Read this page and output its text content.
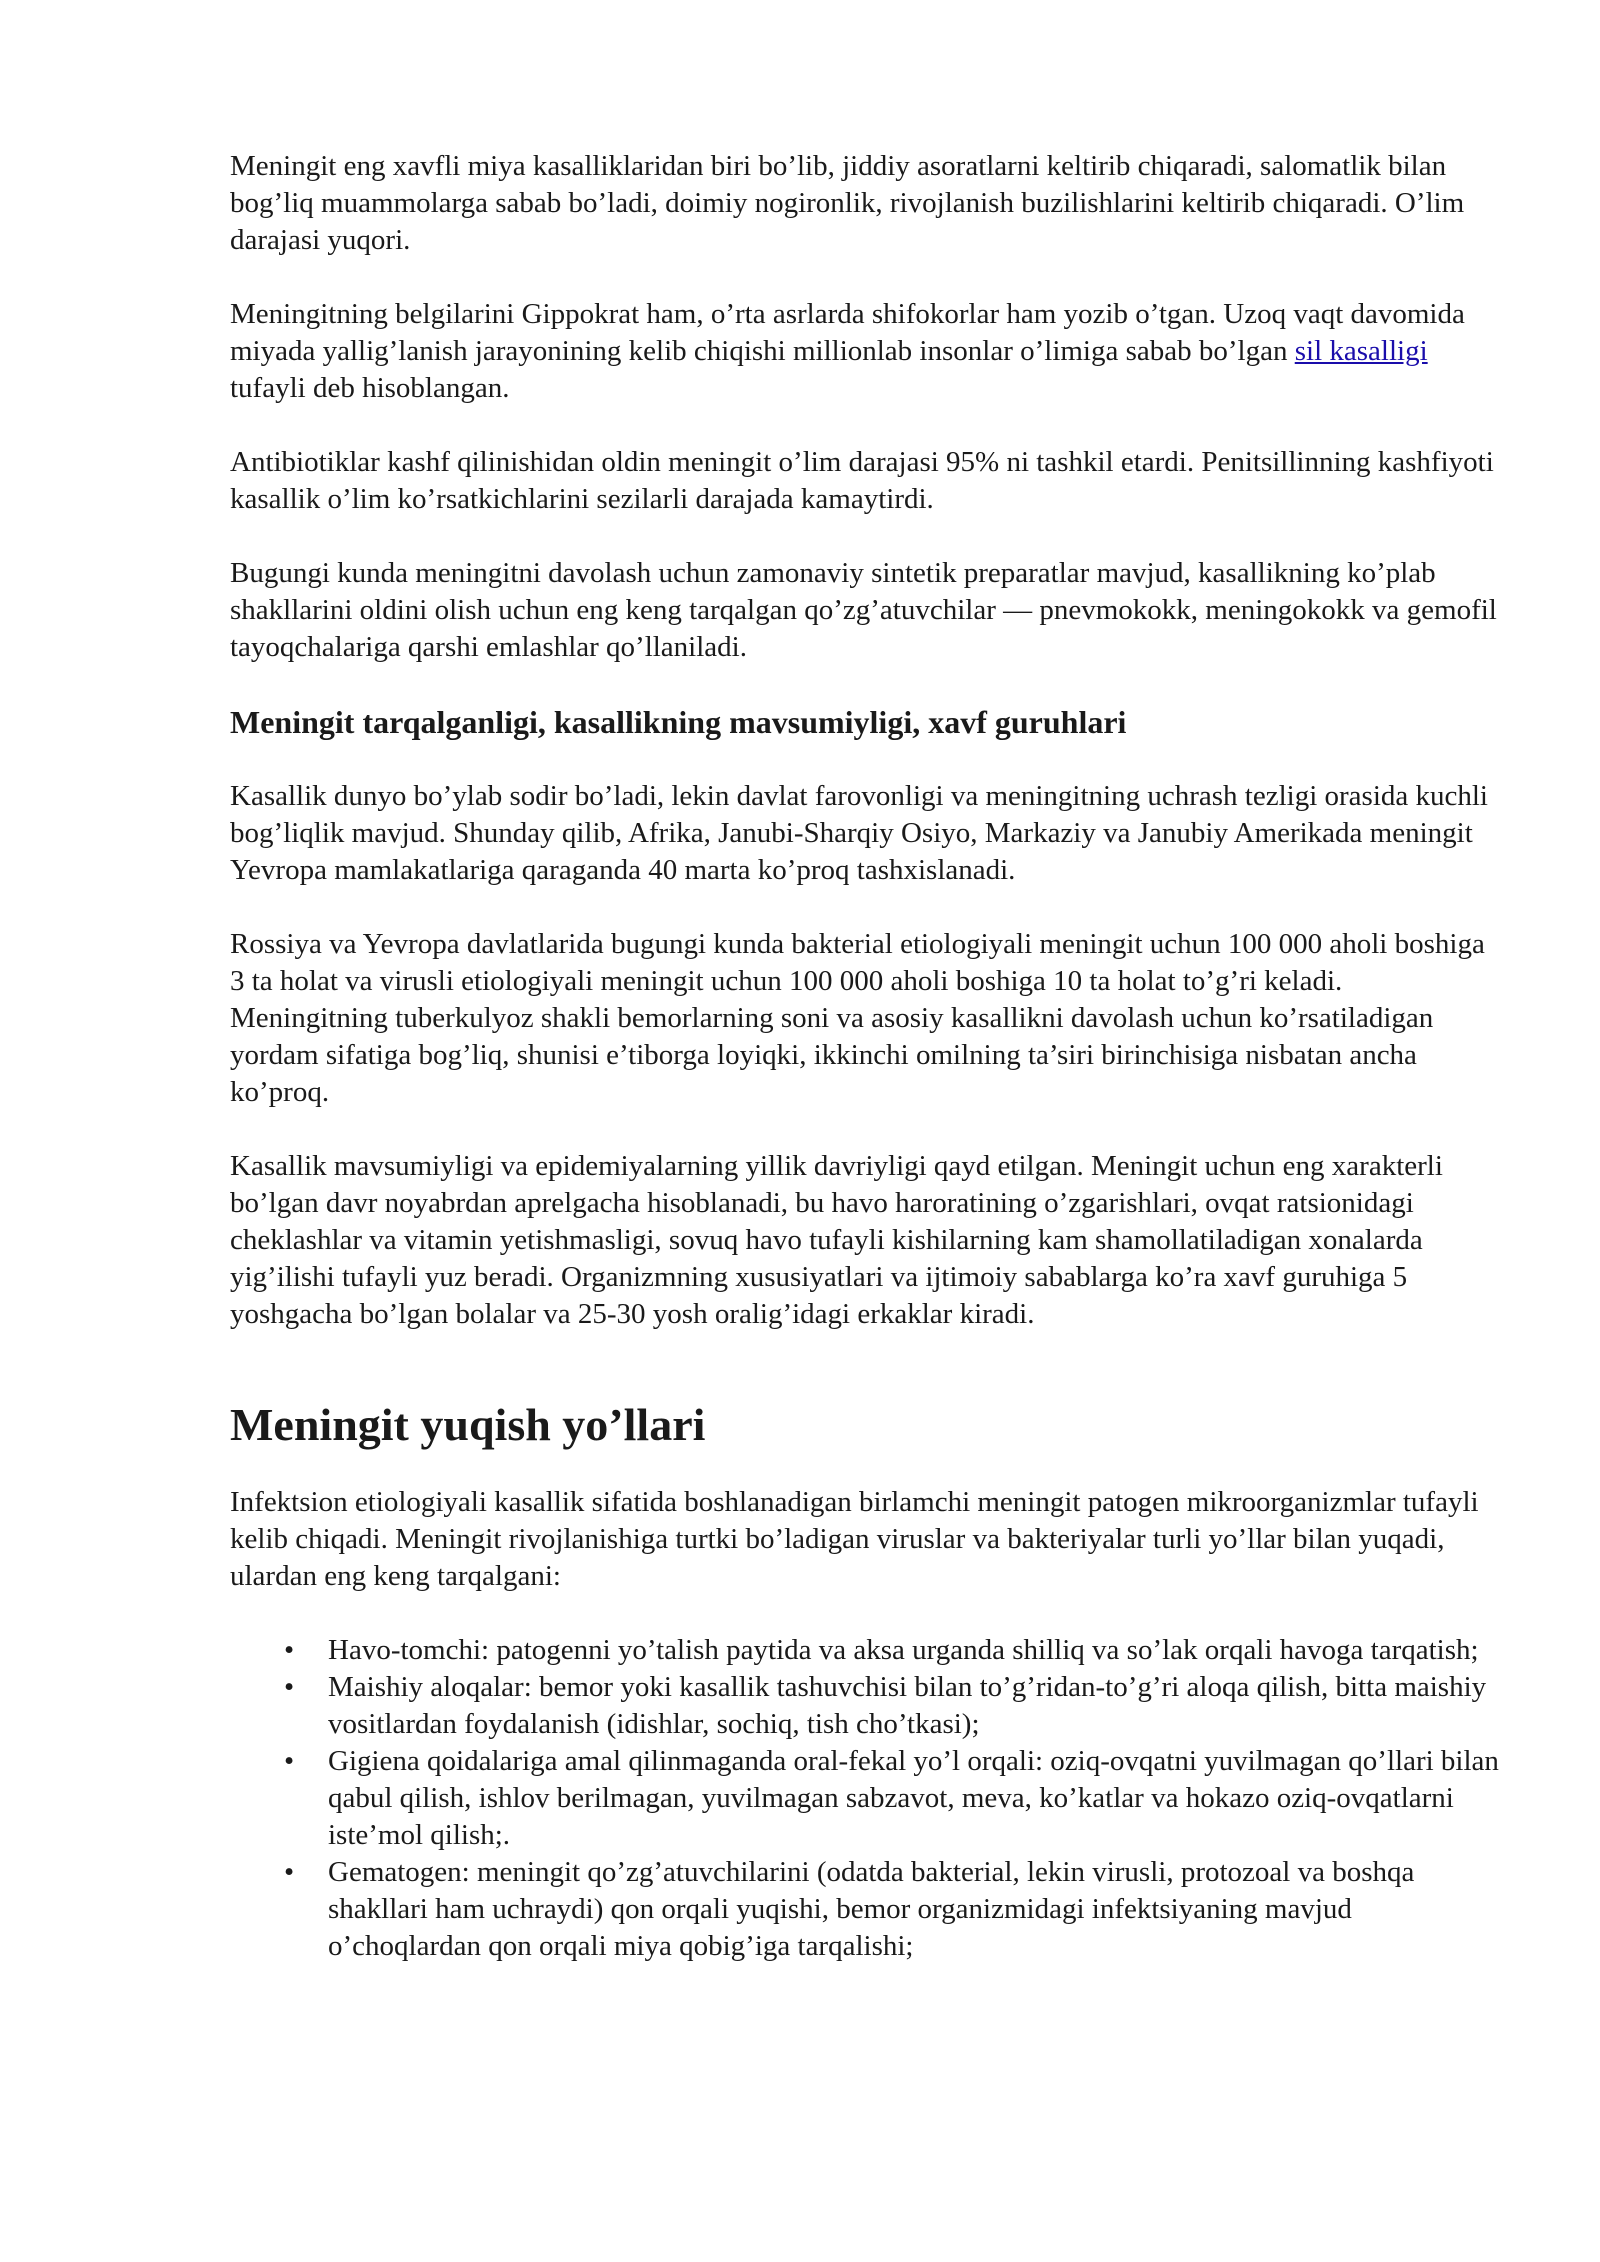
Meningit eng xavfli miya kasalliklaridan biri bo’lib, jiddiy asoratlarni keltirib chiqaradi, salomatlik bilan bog’liq muammolarga sabab bo’ladi, doimiy nogironlik, rivojlanish buzilishlarini keltirib chiqaradi. O’lim darajasi yuqori.

Meningitning belgilarini Gippokrat ham, o’rta asrlarda shifokorlar ham yozib o’tgan. Uzoq vaqt davomida miyada yallig’lanish jarayonining kelib chiqishi millionlab insonlar o’limiga sabab bo’lgan sil kasalligi tufayli deb hisoblangan.

Antibiotiklar kashf qilinishidan oldin meningit o’lim darajasi 95% ni tashkil etardi. Penitsillinning kashfiyoti kasallik o’lim ko’rsatkichlarini sezilarli darajada kamaytirdi.

Bugungi kunda meningitni davolash uchun zamonaviy sintetik preparatlar mavjud, kasallikning ko’plab shakllarini oldini olish uchun eng keng tarqalgan qo’zg’atuvchilar — pnevmokokk, meningokokk va gemofil tayoqchalariga qarshi emlashlar qo’llaniladi.

Meningit tarqalganligi, kasallikning mavsumiyligi, xavf guruhlari

Kasallik dunyo bo’ylab sodir bo’ladi, lekin davlat farovonligi va meningitning uchrash tezligi orasida kuchli bog’liqlik mavjud. Shunday qilib, Afrika, Janubi-Sharqiy Osiyo, Markaziy va Janubiy Amerikada meningit Yevropa mamlakatlariga qaraganda 40 marta ko’proq tashxislanadi.

Rossiya va Yevropa davlatlarida bugungi kunda bakterial etiologiyali meningit uchun 100 000 aholi boshiga 3 ta holat va virusli etiologiyali meningit uchun 100 000 aholi boshiga 10 ta holat to’g’ri keladi. Meningitning tuberkulyoz shakli bemorlarning soni va asosiy kasallikni davolash uchun ko’rsatiladigan yordam sifatiga bog’liq, shunisi e’tiborga loyiqki, ikkinchi omilning ta’siri birinchisiga nisbatan ancha ko’proq.

Kasallik mavsumiyligi va epidemiyalarning yillik davriyligi qayd etilgan. Meningit uchun eng xarakterli bo’lgan davr noyabrdan aprelgacha hisoblanadi, bu havo haroratining o’zgarishlari, ovqat ratsionidagi cheklashlar va vitamin yetishmasligi, sovuq havo tufayli kishilarning kam shamollatiladigan xonalarda yig’ilishi tufayli yuz beradi. Organizmning xususiyatlari va ijtimoiy sabablarga ko’ra xavf guruhiga 5 yoshgacha bo’lgan bolalar va 25-30 yosh oralig’idagi erkaklar kiradi.

Meningit yuqish yo’llari

Infektsion etiologiyali kasallik sifatida boshlanadigan birlamchi meningit patogen mikroorganizmlar tufayli kelib chiqadi. Meningit rivojlanishiga turtki bo’ladigan viruslar va bakteriyalar turli yo’llar bilan yuqadi, ulardan eng keng tarqalgani:

• Havo-tomchi: patogenni yo’talish paytida va aksa urganda shilliq va so’lak orqali havoga tarqatish;
• Maishiy aloqalar: bemor yoki kasallik tashuvchisi bilan to’g’ridan-to’g’ri aloqa qilish, bitta maishiy vositlardan foydalanish (idishlar, sochiq, tish cho’tkasi);
• Gigiena qoidalariga amal qilinmaganda oral-fekal yo’l orqali: oziq-ovqatni yuvilmagan qo’llari bilan qabul qilish, ishlov berilmagan, yuvilmagan sabzavot, meva, ko’katlar va hokazo oziq-ovqatlarni iste’mol qilish;.
• Gematogen: meningit qo’zg’atuvchilarini (odatda bakterial, lekin virusli, protozoal va boshqa shakllari ham uchraydi) qon orqali yuqishi, bemor organizmidagi infektsiyaning mavjud o’choqlardan qon orqali miya qobig’iga tarqalishi;
